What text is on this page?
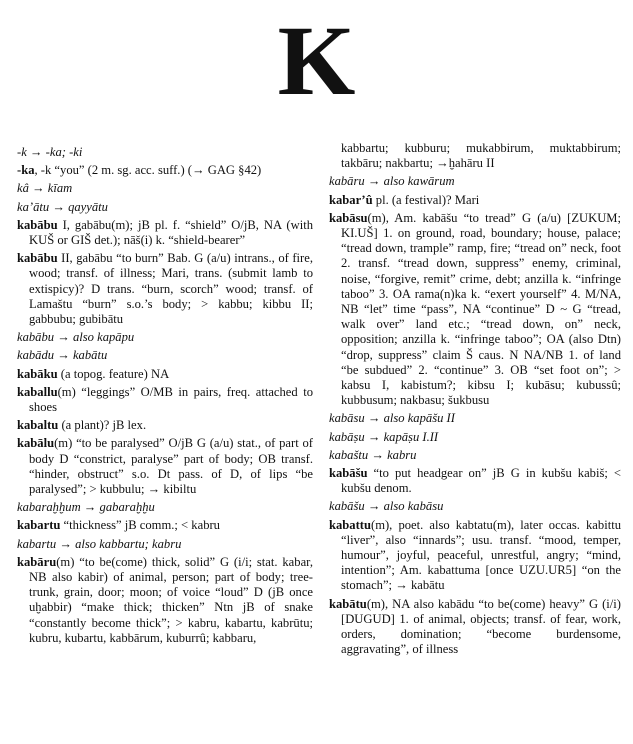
K
-k → -ka; -ki
-ka, -k “you” (2 m. sg. acc. suff.) (→ GAG §42)
kâ → kīam
ka’ātu → qayyātu
kabābu I, gabābu(m); jB pl. f. “shield” O/jB, NA (with KUŠ or GIŠ det.); nāš(i) k. “shield-bearer”
kabābu II, gabābu “to burn” Bab. G (a/u) intrans., of fire, wood; transf. of illness; Mari, trans. (submit lamb to extispicy)? D trans. “burn, scorch” wood; transf. of Lamaštu “burn” s.o.’s body; > kabbu; kibbu II; gabbubu; gubibātu
kabābu → also kapāpu
kabādu → kabātu
kabāku (a topog. feature) NA
kaballu(m) “leggings” O/MB in pairs, freq. attached to shoes
kabaltu (a plant)? jB lex.
kabālu(m) “to be paralysed” O/jB G (a/u) stat., of part of body D “constrict, paralyse” part of body; OB transf. “hinder, obstruct” s.o. Dt pass. of D, of lips “be paralysed”; > kubbulu; → kibiltu
kabaraḫḫum → gabaraḫḫu
kabartu “thickness” jB comm.; < kabru
kabartu → also kabbartu; kabru
kabāru(m) “to be(come) thick, solid” G (i/i; stat. kabar, NB also kabir) of animal, person; part of body; tree-trunk, grain, door; moon; of voice “loud” D (jB once uḫabbir) “make thick; thicken” Ntn jB of snake “constantly become thick”; > kabru, kabartu, kabrūtu; kubru, kubartu, kabbārum, kuburrû; kabbaru,
kabbartu; kubburu; mukabbirum, muktabbirum; takbāru; nakbartu; →ḫahāru II
kabāru → also kawārum
kabar’û pl. (a festival)? Mari
kabāsu(m), Am. kabāšu “to tread” G (a/u) [ZUKUM; KI.UŠ] 1. on ground, road, boundary; house, palace; “tread down, trample” ramp, fire; “tread on” neck, foot 2. transf. “tread down, suppress” enemy, criminal, noise, “forgive, remit” crime, debt; anzilla k. “infringe taboo” 3. OA rama(n)ka k. “exert yourself” 4. M/NA, NB “let” time “pass”, NA “continue” D ~ G “tread, walk over” land etc.; “tread down, on” neck, opposition; anzilla k. “infringe taboo”; OA (also Dtn) “drop, suppress” claim Š caus. N NA/NB 1. of land “be subdued” 2. “continue” 3. OB “set foot on”; > kabsu I, kabistum?; kibsu I; kubāsu; kubussû; kubbusum; nakbasu; šukbusu
kabāsu → also kapāšu II
kabāṣu → kapāṣu I.II
kabaštu → kabru
kabāšu “to put headgear on” jB G in kubšu kabiš; < kubšu denom.
kabāšu → also kabāsu
kabattu(m), poet. also kabtatu(m), later occas. kabittu “liver”, also “innards”; usu. transf. “mood, temper, humour”, joyful, peaceful, unrestful, angry; “mind, intention”; Am. kabattuma [once UZU.UR5] “on the stomach”; → kabātu
kabātu(m), NA also kabādu “to be(come) heavy” G (i/i) [DUGUD] 1. of animal, objects; transf. of fear, work, orders, domination; “become burdensome, aggravating”, of illness
